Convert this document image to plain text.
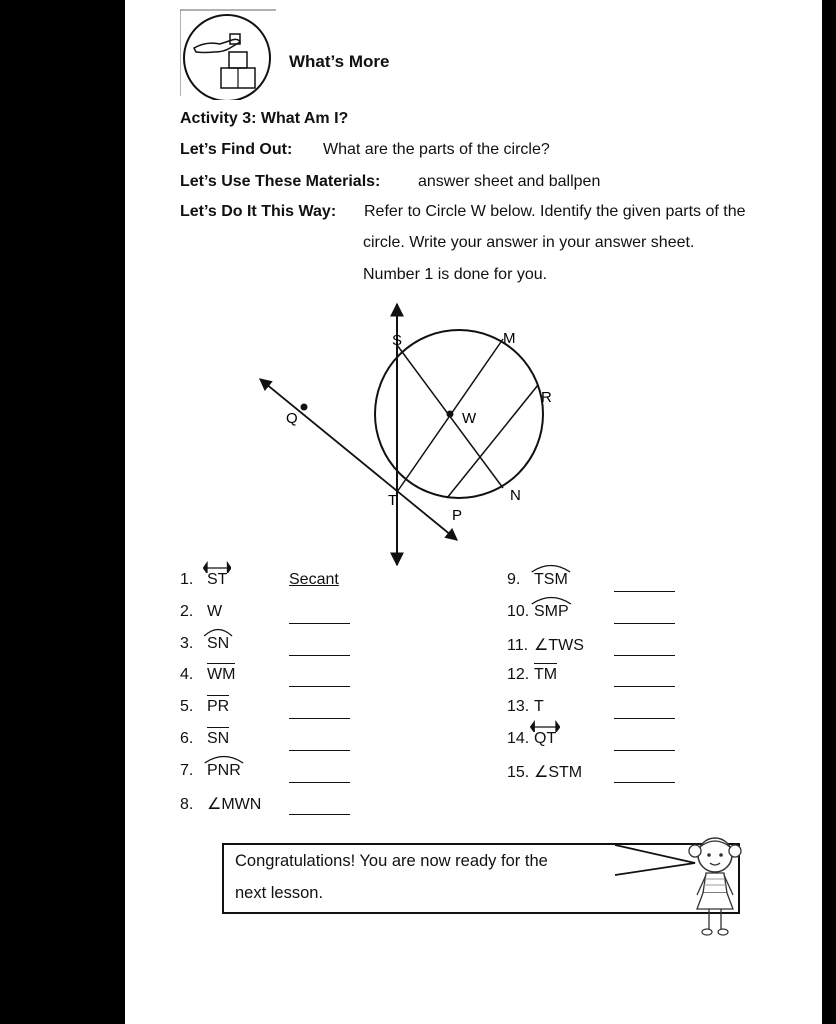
What’s More
Activity 3: What Am I?
Let’s Find Out: What are the parts of the circle?
Let’s Use These Materials: answer sheet and ballpen
Let’s Do It This Way: Refer to Circle W below. Identify the given parts of the
circle. Write your answer in your answer sheet.
Number 1 is done for you.
S	M
R
Q	W
T	N
P
1. ST	Secant
2. W
3. SN
4. WM
5. PR
6. SN
7. PNR
8. ∠MWN
9. TSM
10. SMP
11. ∠TWS
12. TM
13. T
14. QT
15. ∠STM
Congratulations! You are now ready for the
next lesson.
